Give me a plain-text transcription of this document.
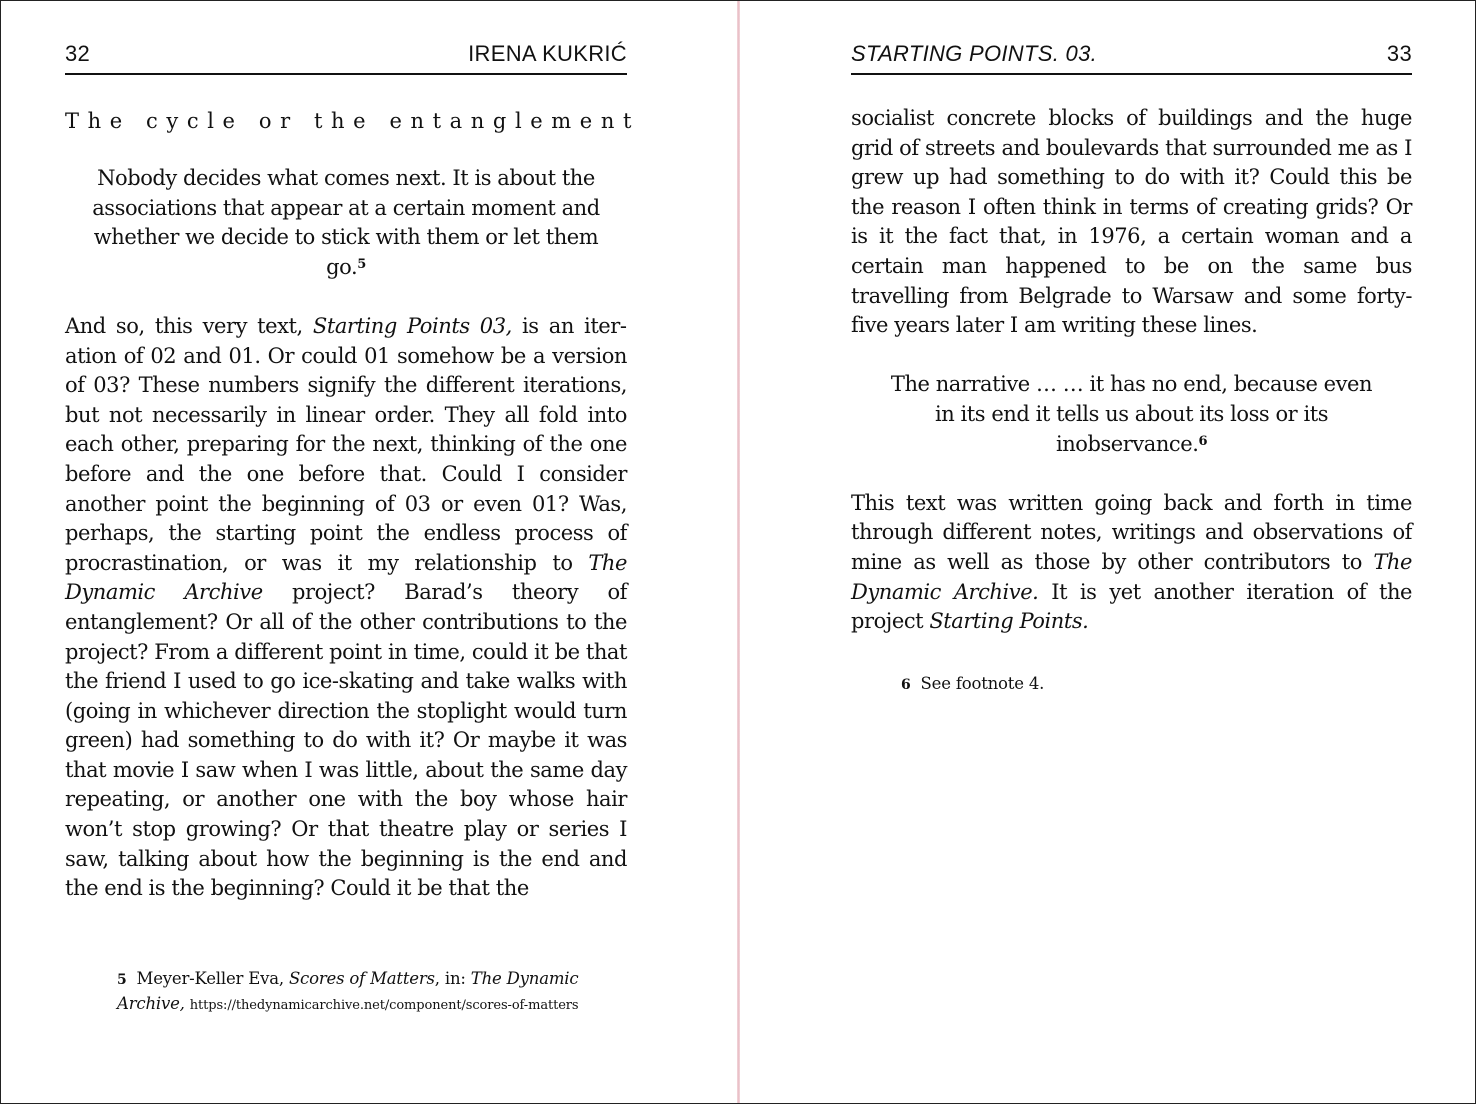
32	IRENA KUKRIĆ
The cycle or the entanglement

Nobody decides what comes next. It is about the associations that appear at a certain moment and whether we decide to stick with them or let them go.$^5$

And so, this very text, Starting Points 03, is an iteration of 02 and 01. Or could 01 somehow be a version of 03? These numbers signify the different iterations, but not necessarily in linear order. They all fold into each other, preparing for the next, thinking of the one before and the one before that. Could I consider another point the beginning of 03 or even 01? Was, perhaps, the starting point the endless process of procrastination, or was it my relationship to The Dynamic Archive project? Barad’s theory of entanglement? Or all of the other contributions to the project? From a different point in time, could it be that the friend I used to go ice-skating and take walks with (going in whichever direction the stoplight would turn green) had something to do with it? Or maybe it was that movie I saw when I was little, about the same day repeating, or another one with the boy whose hair won’t stop growing? Or that theatre play or series I saw, talking about how the beginning is the end and the end is the beginning? Could it be that the

5 Meyer-Keller Eva, Scores of Matters, in: The Dynamic Archive, https://thedynamicarchive.net/component/scores-of-matters
STARTING POINTS. 03.	33

socialist concrete blocks of buildings and the huge grid of streets and boulevards that surrounded me as I grew up had something to do with it? Could this be the reason I often think in terms of creating grids? Or is it the fact that, in 1976, a certain woman and a certain man happened to be on the same bus travelling from Belgrade to Warsaw and some forty-five years later I am writing these lines.

The narrative … … it has no end, because even in its end it tells us about its loss or its inobservance.$^6$

This text was written going back and forth in time through different notes, writings and observations of mine as well as those by other contributors to The Dynamic Archive. It is yet another iteration of the project Starting Points.

6 See footnote 4.
